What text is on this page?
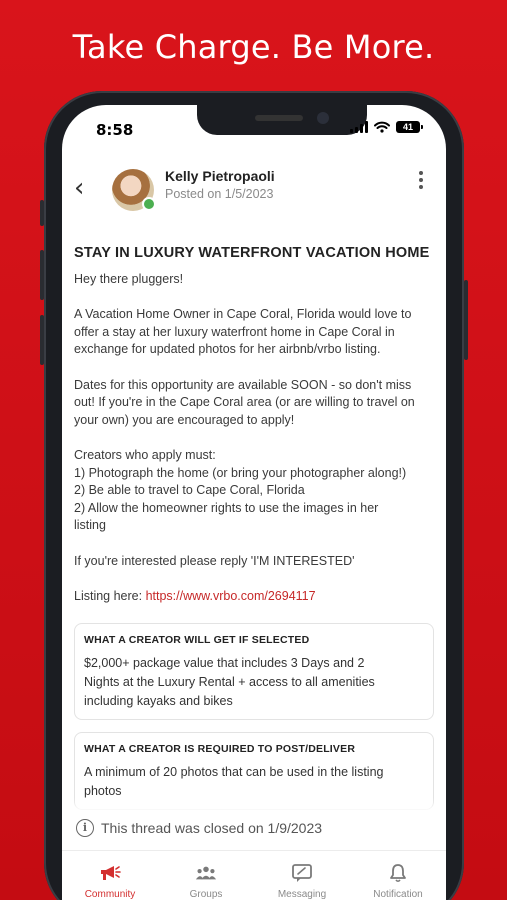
Take Charge. Be More.
8:58	41
‹	Kelly Pietropaoli
Posted on 1/5/2023
STAY IN LUXURY WATERFRONT VACATION HOME
Hey there pluggers!
A Vacation Home Owner in Cape Coral, Florida would love to
offer a stay at her luxury waterfront home in Cape Coral in
exchange for updated photos for her airbnb/vrbo listing.
Dates for this opportunity are available SOON - so don't miss
out! If you're in the Cape Coral area (or are willing to travel on
your own) you are encouraged to apply!
Creators who apply must:
1) Photograph the home (or bring your photographer along!)
2) Be able to travel to Cape Coral, Florida
2) Allow the homeowner rights to use the images in her
listing
If you're interested please reply 'I'M INTERESTED'
Listing here: https://www.vrbo.com/2694117
WHAT A CREATOR WILL GET IF SELECTED
$2,000+ package value that includes 3 Days and 2
Nights at the Luxury Rental + access to all amenities
including kayaks and bikes
WHAT A CREATOR IS REQUIRED TO POST/DELIVER
A minimum of 20 photos that can be used in the listing
photos
i This thread was closed on 1/9/2023
Community	Groups	Messaging	Notification
